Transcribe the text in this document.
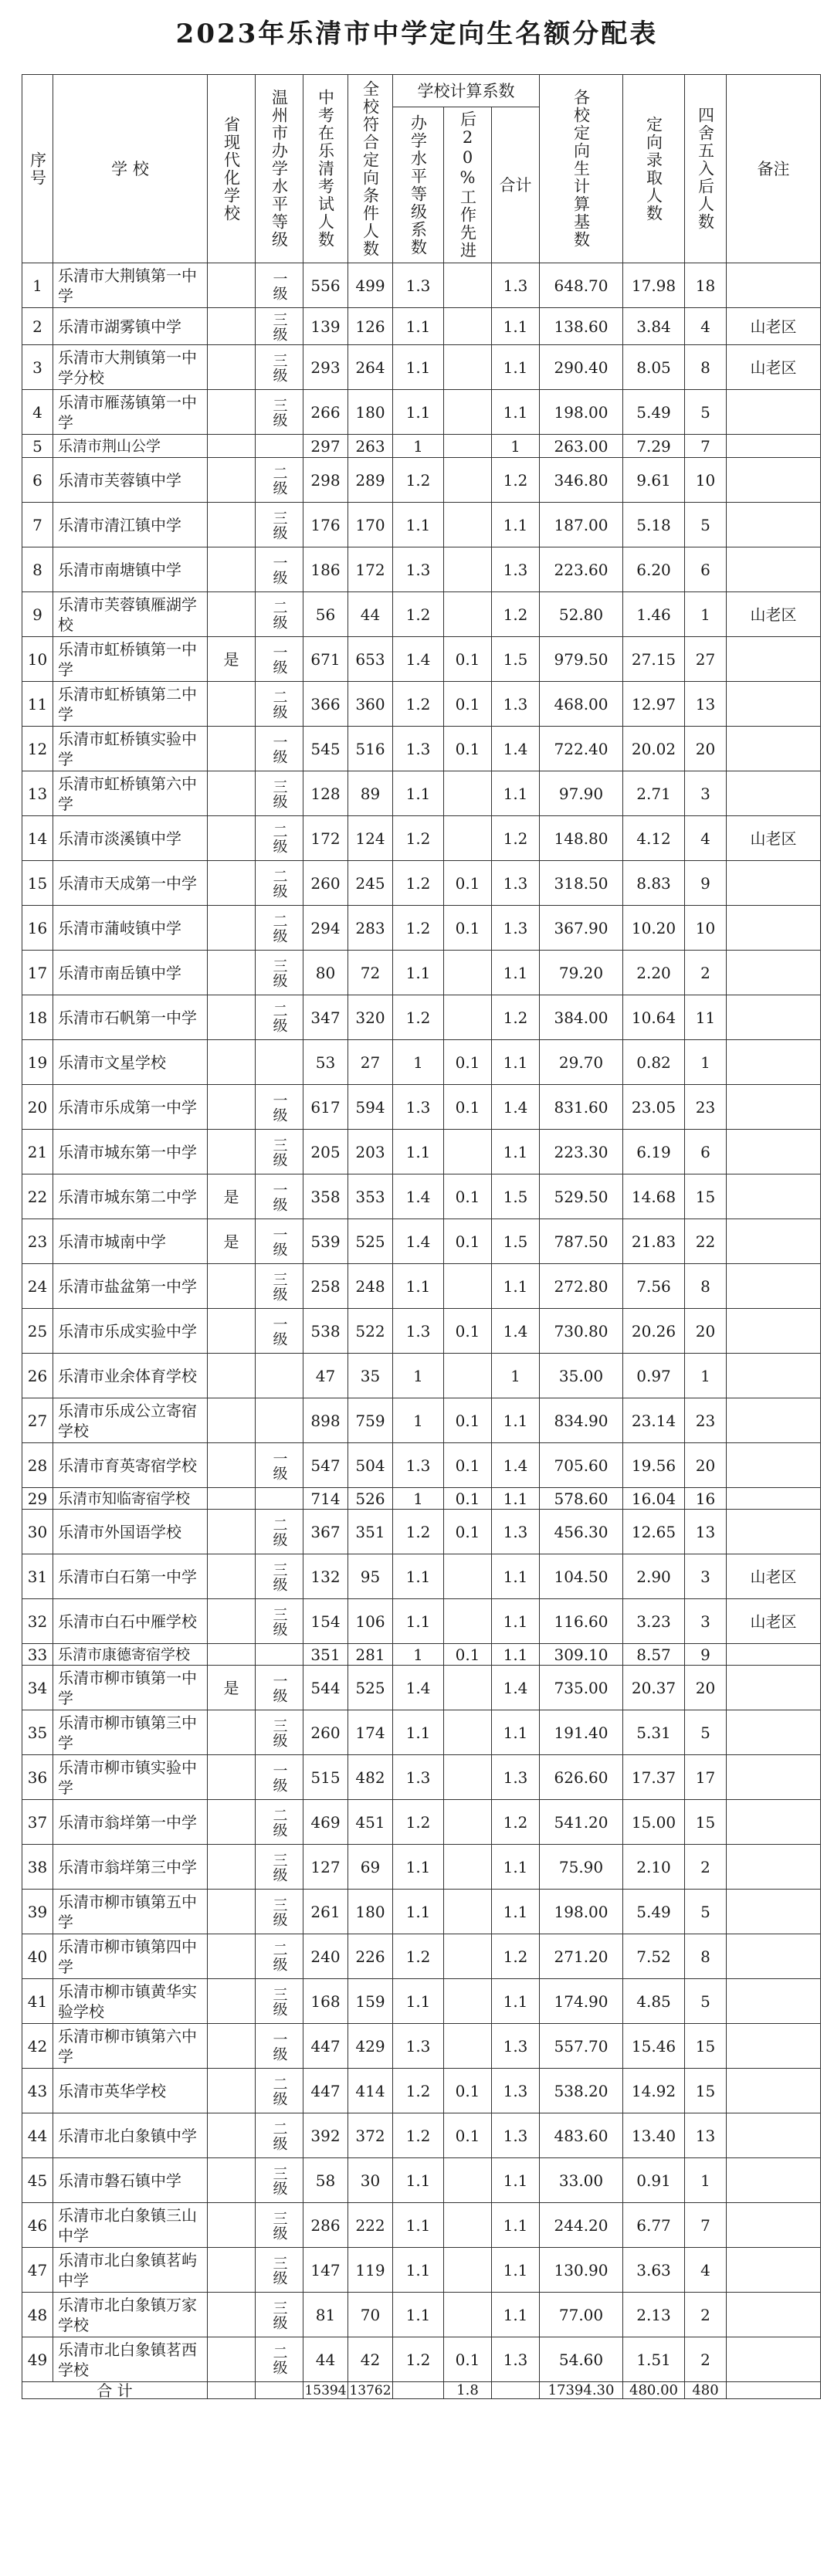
2023年乐清市中学定向生名额分配表
序号	学 校	省现代化学校	温州市办学水平等级	中考在乐清考试人数	全校符合定向条件人数	学校计算系数			各校定向生计算基数	定向录取人数	四舍五入后人数	备注
						办学水平等级系数	后20%工作先进	合计				
1	乐清市大荆镇第一中学		一级	556	499	1.3		1.3	648.70	17.98	18	
2	乐清市湖雾镇中学		三级	139	126	1.1		1.1	138.60	3.84	4	山老区
3	乐清市大荆镇第一中学分校		三级	293	264	1.1		1.1	290.40	8.05	8	山老区
4	乐清市雁荡镇第一中学		三级	266	180	1.1		1.1	198.00	5.49	5	
5	乐清市荆山公学			297	263	1		1	263.00	7.29	7	
6	乐清市芙蓉镇中学		二级	298	289	1.2		1.2	346.80	9.61	10	
7	乐清市清江镇中学		三级	176	170	1.1		1.1	187.00	5.18	5	
8	乐清市南塘镇中学		一级	186	172	1.3		1.3	223.60	6.20	6	
9	乐清市芙蓉镇雁湖学校		二级	56	44	1.2		1.2	52.80	1.46	1	山老区
10	乐清市虹桥镇第一中学	是	一级	671	653	1.4	0.1	1.5	979.50	27.15	27	
11	乐清市虹桥镇第二中学		二级	366	360	1.2	0.1	1.3	468.00	12.97	13	
12	乐清市虹桥镇实验中学		一级	545	516	1.3	0.1	1.4	722.40	20.02	20	
13	乐清市虹桥镇第六中学		三级	128	89	1.1		1.1	97.90	2.71	3	
14	乐清市淡溪镇中学		二级	172	124	1.2		1.2	148.80	4.12	4	山老区
15	乐清市天成第一中学		二级	260	245	1.2	0.1	1.3	318.50	8.83	9	
16	乐清市蒲岐镇中学		二级	294	283	1.2	0.1	1.3	367.90	10.20	10	
17	乐清市南岳镇中学		三级	80	72	1.1		1.1	79.20	2.20	2	
18	乐清市石帆第一中学		二级	347	320	1.2		1.2	384.00	10.64	11	
19	乐清市文星学校			53	27	1	0.1	1.1	29.70	0.82	1	
20	乐清市乐成第一中学		一级	617	594	1.3	0.1	1.4	831.60	23.05	23	
21	乐清市城东第一中学		三级	205	203	1.1		1.1	223.30	6.19	6	
22	乐清市城东第二中学	是	一级	358	353	1.4	0.1	1.5	529.50	14.68	15	
23	乐清市城南中学	是	一级	539	525	1.4	0.1	1.5	787.50	21.83	22	
24	乐清市盐盆第一中学		三级	258	248	1.1		1.1	272.80	7.56	8	
25	乐清市乐成实验中学		一级	538	522	1.3	0.1	1.4	730.80	20.26	20	
26	乐清市业余体育学校			47	35	1		1	35.00	0.97	1	
27	乐清市乐成公立寄宿学校			898	759	1	0.1	1.1	834.90	23.14	23	
28	乐清市育英寄宿学校		一级	547	504	1.3	0.1	1.4	705.60	19.56	20	
29	乐清市知临寄宿学校			714	526	1	0.1	1.1	578.60	16.04	16	
30	乐清市外国语学校		二级	367	351	1.2	0.1	1.3	456.30	12.65	13	
31	乐清市白石第一中学		三级	132	95	1.1		1.1	104.50	2.90	3	山老区
32	乐清市白石中雁学校		三级	154	106	1.1		1.1	116.60	3.23	3	山老区
33	乐清市康德寄宿学校			351	281	1	0.1	1.1	309.10	8.57	9	
34	乐清市柳市镇第一中学	是	一级	544	525	1.4		1.4	735.00	20.37	20	
35	乐清市柳市镇第三中学		三级	260	174	1.1		1.1	191.40	5.31	5	
36	乐清市柳市镇实验中学		一级	515	482	1.3		1.3	626.60	17.37	17	
37	乐清市翁垟第一中学		二级	469	451	1.2		1.2	541.20	15.00	15	
38	乐清市翁垟第三中学		三级	127	69	1.1		1.1	75.90	2.10	2	
39	乐清市柳市镇第五中学		三级	261	180	1.1		1.1	198.00	5.49	5	
40	乐清市柳市镇第四中学		二级	240	226	1.2		1.2	271.20	7.52	8	
41	乐清市柳市镇黄华实验学校		三级	168	159	1.1		1.1	174.90	4.85	5	
42	乐清市柳市镇第六中学		一级	447	429	1.3		1.3	557.70	15.46	15	
43	乐清市英华学校		二级	447	414	1.2	0.1	1.3	538.20	14.92	15	
44	乐清市北白象镇中学		二级	392	372	1.2	0.1	1.3	483.60	13.40	13	
45	乐清市磐石镇中学		三级	58	30	1.1		1.1	33.00	0.91	1	
46	乐清市北白象镇三山中学		三级	286	222	1.1		1.1	244.20	6.77	7	
47	乐清市北白象镇茗屿中学		三级	147	119	1.1		1.1	130.90	3.63	4	
48	乐清市北白象镇万家学校		三级	81	70	1.1		1.1	77.00	2.13	2	
49	乐清市北白象镇茗西学校		二级	44	42	1.2	0.1	1.3	54.60	1.51	2	
合 计				15394	13762		1.8		17394.30	480.00	480	
